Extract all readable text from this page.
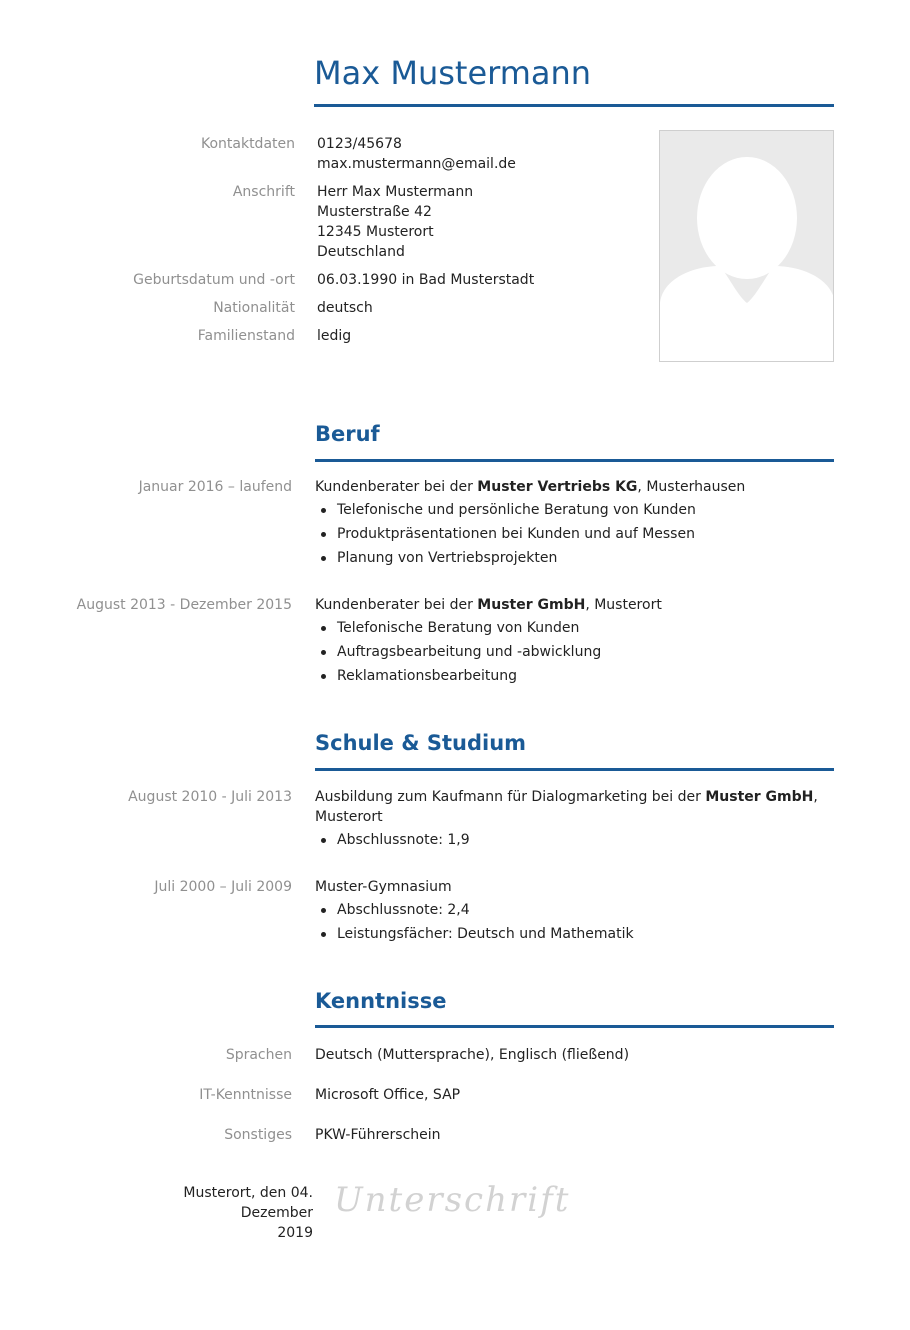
Max Mustermann
Kontaktdaten 0123/45678
max.mustermann@email.de
Anschrift Herr Max Mustermann
Musterstraße 42
12345 Musterort
Deutschland
Geburtsdatum und -ort 06.03.1990 in Bad Musterstadt
Nationalität deutsch
Familienstand ledig
Beruf
Januar 2016 – laufend Kundenberater bei der Muster Vertriebs KG, Musterhausen
Telefonische und persönliche Beratung von Kunden
Produktpräsentationen bei Kunden und auf Messen
Planung von Vertriebsprojekten
August 2013 - Dezember 2015 Kundenberater bei der Muster GmbH, Musterort
Telefonische Beratung von Kunden
Auftragsbearbeitung und -abwicklung
Reklamationsbearbeitung
Schule & Studium
August 2010 - Juli 2013 Ausbildung zum Kaufmann für Dialogmarketing bei der Muster GmbH,
Musterort
Abschlussnote: 1,9
Juli 2000 – Juli 2009 Muster-Gymnasium
Abschlussnote: 2,4
Leistungsfächer: Deutsch und Mathematik
Kenntnisse
Sprachen Deutsch (Muttersprache), Englisch (fließend)
IT-Kenntnisse Microsoft Office, SAP
Sonstiges PKW-Führerschein
Musterort, den 04. Dezember
2019
Unterschrift
